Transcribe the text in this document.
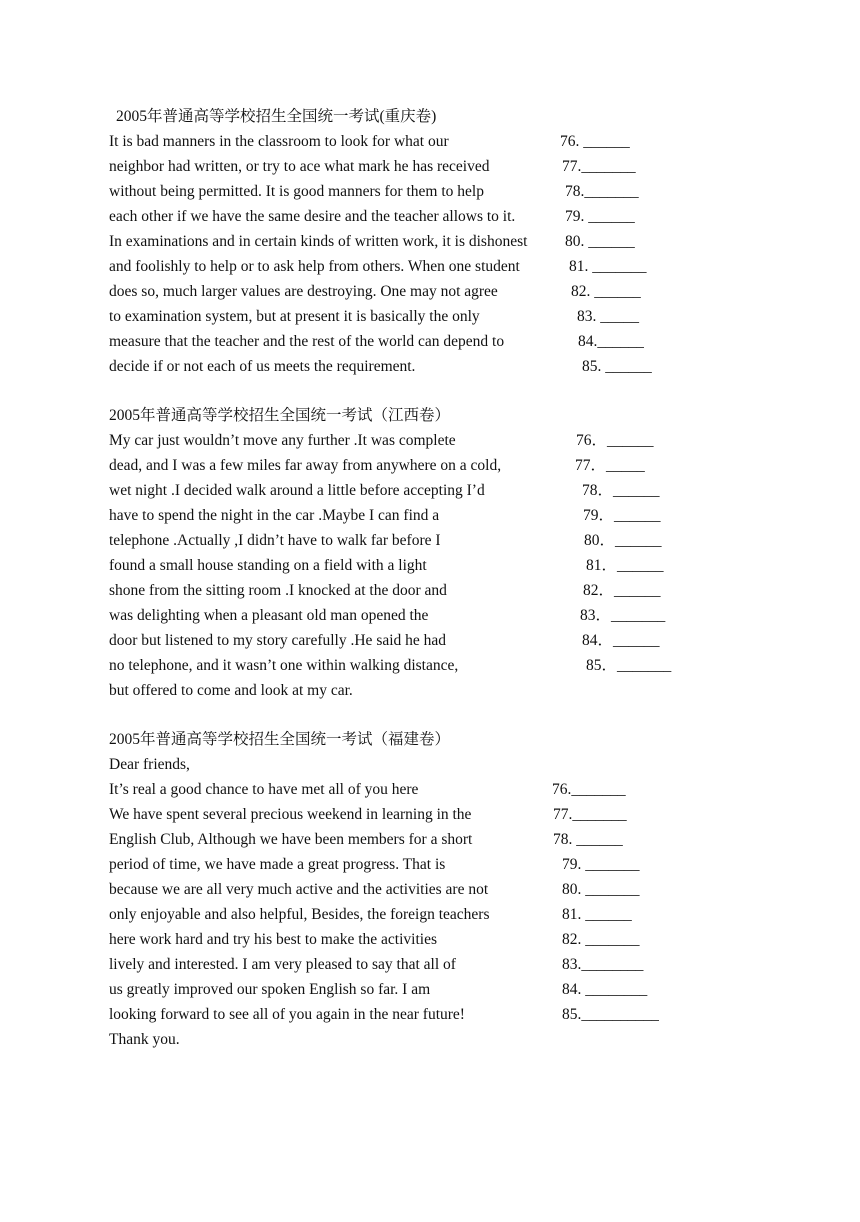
2005年普通高等学校招生全国统一考试(重庆卷)
It is bad manners in the classroom to look for what our	76. ______
neighbor had written, or try to ace what mark he has received	77._______
without being permitted. It is good manners for them to help	78._______
each other if we have the same desire and the teacher allows to it.	79. ______
In examinations and in certain kinds of written work, it is dishonest 80. ______
and foolishly to help or to ask help from others. When one student	81. _______
does so, much larger values are destroying. One may not agree	82. ______
to examination system, but at present it is basically the only	83. _____
measure that the teacher and the rest of the world can depend to	84.______
decide if or not each of us meets the requirement.	85. ______
2005年普通高等学校招生全国统一考试（江西卷）
My car just wouldn’t move any further .It was complete	76．______
dead, and I was a few miles far away from anywhere on a cold,	77．_____
wet night .I decided walk around a little before accepting I’d	78．______
have to spend the night in the car .Maybe I can find a	79．______
telephone .Actually ,I didn’t have to walk far before I	80．______
found a small house standing on a field with a light	81．______
shone from the sitting room .I knocked at the door and	82．______
was delighting when a pleasant old man opened the	83．_______
door but listened to my story carefully .He said he had	84．______
no telephone, and it wasn’t one within walking distance,	85．_______
but offered to come and look at my car.
2005年普通高等学校招生全国统一考试（福建卷）
Dear friends,
It’s real a good chance to have met all of you here	76._______
We have spent several precious weekend in learning in the	77._______
English Club, Although we have been members for a short	78. ______
period of time, we have made a great progress. That is	79. _______
because we are all very much active and the activities are not	80. _______
only enjoyable and also helpful, Besides, the foreign teachers	81. ______
here work hard and try his best to make the activities	82. _______
lively and interested. I am very pleased to say that all of	83.________
us greatly improved our spoken English so far. I am	84. ________
looking forward to see all of you again in the near future!	85.__________
Thank you.
